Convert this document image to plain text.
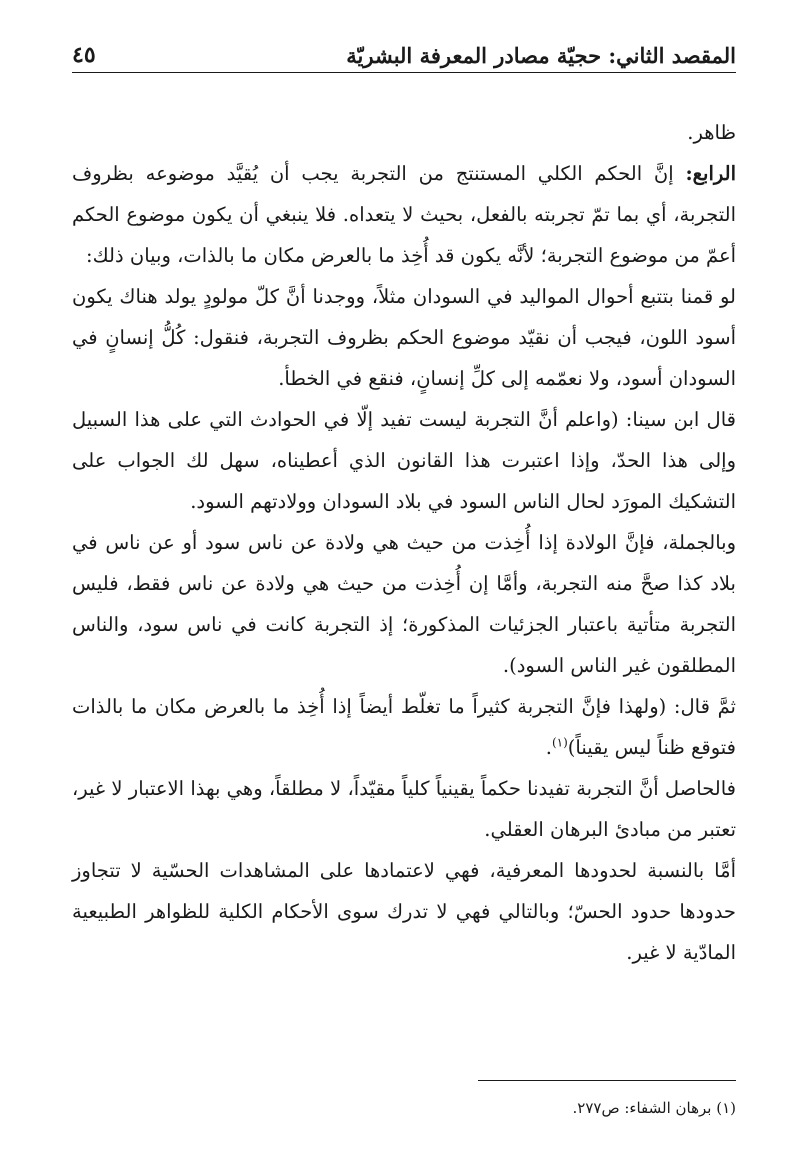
المقصد الثاني: حجيّة مصادر المعرفة البشريّة
٤٥

ظاهر.

الرابع: إنَّ الحكم الكلي المستنتج من التجربة يجب أن يُقيَّد موضوعه بظروف التجربة، أي بما تمّ تجربته بالفعل، بحيث لا يتعداه. فلا ينبغي أن يكون موضوع الحكم أعمّ من موضوع التجربة؛ لأنَّه يكون قد أُخِذ ما بالعرض مكان ما بالذات، وبيان ذلك:

لو قمنا بتتبع أحوال المواليد في السودان مثلاً، ووجدنا أنَّ كلّ مولودٍ يولد هناك يكون أسود اللون، فيجب أن نقيّد موضوع الحكم بظروف التجربة، فنقول: كُلُّ إنسانٍ في السودان أسود، ولا نعمّمه إلى كلِّ إنسانٍ، فنقع في الخطأ.

قال ابن سينا: (واعلم أنَّ التجربة ليست تفيد إلّا في الحوادث التي على هذا السبيل وإلى هذا الحدّ، وإذا اعتبرت هذا القانون الذي أعطيناه، سهل لك الجواب على التشكيك المورَد لحال الناس السود في بلاد السودان وولادتهم السود.

وبالجملة، فإنَّ الولادة إذا أُخِذت من حيث هي ولادة عن ناس سود أو عن ناس في بلاد كذا صحَّ منه التجربة، وأمَّا إن أُخِذت من حيث هي ولادة عن ناس فقط، فليس التجربة متأتية باعتبار الجزئيات المذكورة؛ إذ التجربة كانت في ناس سود، والناس المطلقون غير الناس السود).

ثمَّ قال: (ولهذا فإنَّ التجربة كثيراً ما تغلّط أيضاً إذا أُخِذ ما بالعرض مكان ما بالذات فتوقع ظناً ليس يقيناً)$^{(١)}$.

فالحاصل أنَّ التجربة تفيدنا حكماً يقينياً كلياً مقيّداً، لا مطلقاً، وهي بهذا الاعتبار لا غير، تعتبر من مبادئ البرهان العقلي.

أمَّا بالنسبة لحدودها المعرفية، فهي لاعتمادها على المشاهدات الحسّية لا تتجاوز حدودها حدود الحسّ؛ وبالتالي فهي لا تدرك سوى الأحكام الكلية للظواهر الطبيعية المادّية لا غير.

(١) برهان الشفاء: ص٢٧٧.
